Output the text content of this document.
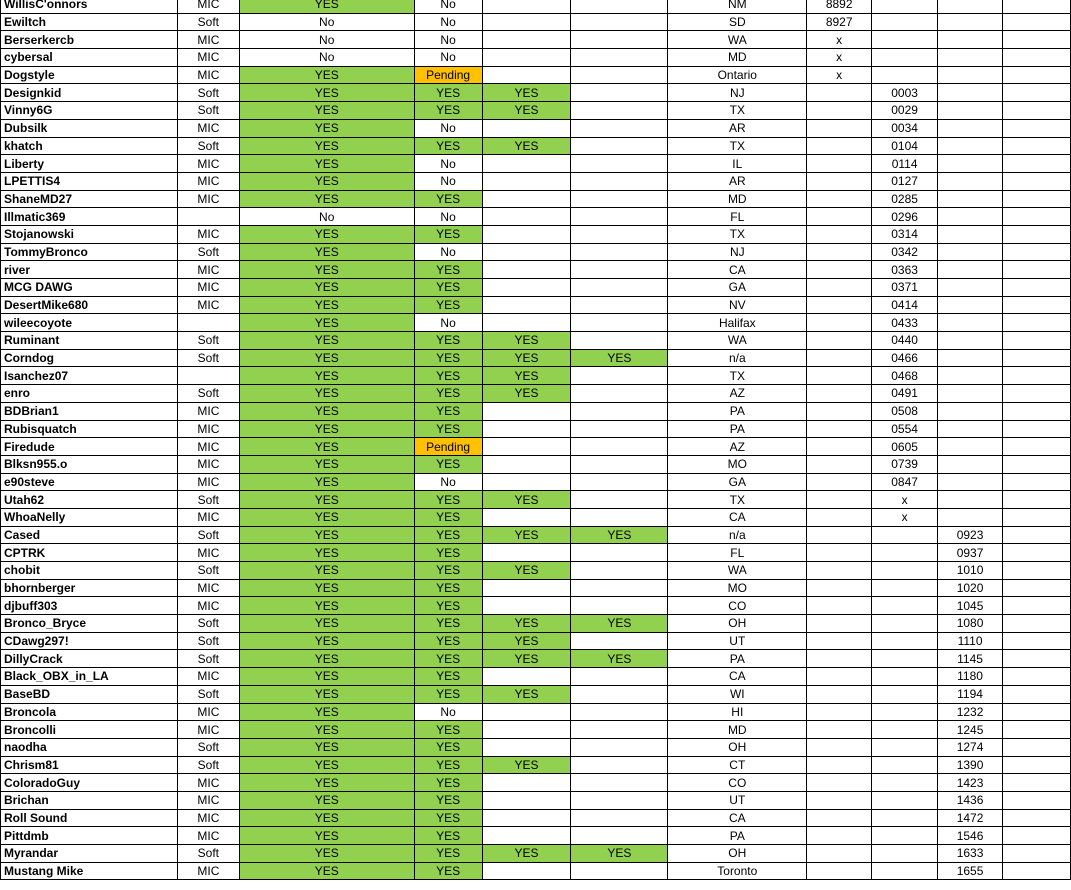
WillisC'onnors	MIC	YES	No			NM	8892			
Ewiltch	Soft	No	No			SD	8927			
Berserkercb	MIC	No	No			WA	x			
cybersal	MIC	No	No			MD	x			
Dogstyle	MIC	YES	Pending			Ontario	x			
Designkid	Soft	YES	YES	YES		NJ		0003		
Vinny6G	Soft	YES	YES	YES		TX		0029		
Dubsilk	MIC	YES	No			AR		0034		
khatch	Soft	YES	YES	YES		TX		0104		
Liberty	MIC	YES	No			IL		0114		
LPETTIS4	MIC	YES	No			AR		0127		
ShaneMD27	MIC	YES	YES			MD		0285		
Illmatic369		No	No			FL		0296		
Stojanowski	MIC	YES	YES			TX		0314		
TommyBronco	Soft	YES	No			NJ		0342		
river	MIC	YES	YES			CA		0363		
MCG DAWG	MIC	YES	YES			GA		0371		
DesertMike680	MIC	YES	YES			NV		0414		
wileecoyote		YES	No			Halifax		0433		
Ruminant	Soft	YES	YES	YES		WA		0440		
Corndog	Soft	YES	YES	YES	YES	n/a		0466		
Isanchez07		YES	YES	YES		TX		0468		
enro	Soft	YES	YES	YES		AZ		0491		
BDBrian1	MIC	YES	YES			PA		0508		
Rubisquatch	MIC	YES	YES			PA		0554		
Firedude	MIC	YES	Pending			AZ		0605		
Blksn955.o	MIC	YES	YES			MO		0739		
e90steve	MIC	YES	No			GA		0847		
Utah62	Soft	YES	YES	YES		TX		x		
WhoaNelly	MIC	YES	YES			CA		x		
Cased	Soft	YES	YES	YES	YES	n/a			0923	
CPTRK	MIC	YES	YES			FL			0937	
chobit	Soft	YES	YES	YES		WA			1010	
bhornberger	MIC	YES	YES			MO			1020	
djbuff303	MIC	YES	YES			CO			1045	
Bronco_Bryce	Soft	YES	YES	YES	YES	OH			1080	
CDawg297!	Soft	YES	YES	YES		UT			1110	
DillyCrack	Soft	YES	YES	YES	YES	PA			1145	
Black_OBX_in_LA	MIC	YES	YES			CA			1180	
BaseBD	Soft	YES	YES	YES		WI			1194	
Broncola	MIC	YES	No			HI			1232	
Broncolli	MIC	YES	YES			MD			1245	
naodha	Soft	YES	YES			OH			1274	
Chrism81	Soft	YES	YES	YES		CT			1390	
ColoradoGuy	MIC	YES	YES			CO			1423	
Brichan	MIC	YES	YES			UT			1436	
Roll Sound	MIC	YES	YES			CA			1472	
Pittdmb	MIC	YES	YES			PA			1546	
Myrandar	Soft	YES	YES	YES	YES	OH			1633	
Mustang Mike	MIC	YES	YES			Toronto			1655	
